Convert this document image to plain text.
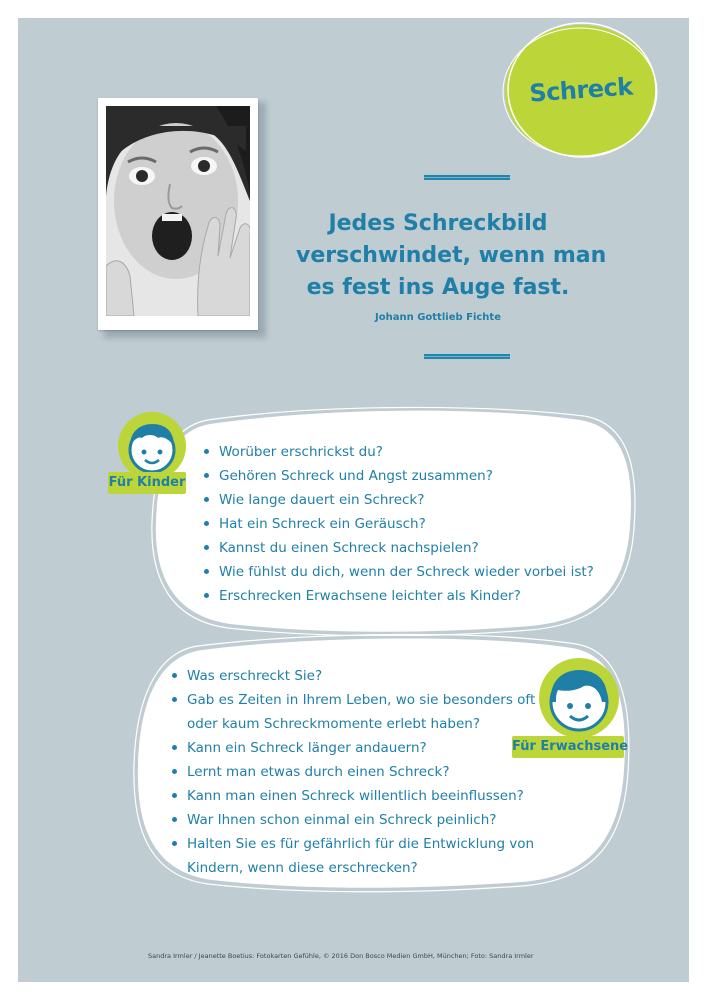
Schreck
Jedes Schreckbild
verschwindet, wenn man
es fest ins Auge fast.
Johann Gottlieb Fichte
Worüber erschrickst du?
Gehören Schreck und Angst zusammen?
Wie lange dauert ein Schreck?
Hat ein Schreck ein Geräusch?
Kannst du einen Schreck nachspielen?
Wie fühlst du dich, wenn der Schreck wieder vorbei ist?
Erschrecken Erwachsene leichter als Kinder?
Für Kinder
Was erschreckt Sie?
Gab es Zeiten in Ihrem Leben, wo sie besonders oft
oder kaum Schreckmomente erlebt haben?
Kann ein Schreck länger andauern?
Lernt man etwas durch einen Schreck?
Kann man einen Schreck willentlich beeinflussen?
War Ihnen schon einmal ein Schreck peinlich?
Halten Sie es für gefährlich für die Entwicklung von
Kindern, wenn diese erschrecken?
Für Erwachsene
Sandra Irmler / Jeanette Boetius: Fotokarten Gefühle, © 2016 Don Bosco Medien GmbH, München; Foto: Sandra Irmler
